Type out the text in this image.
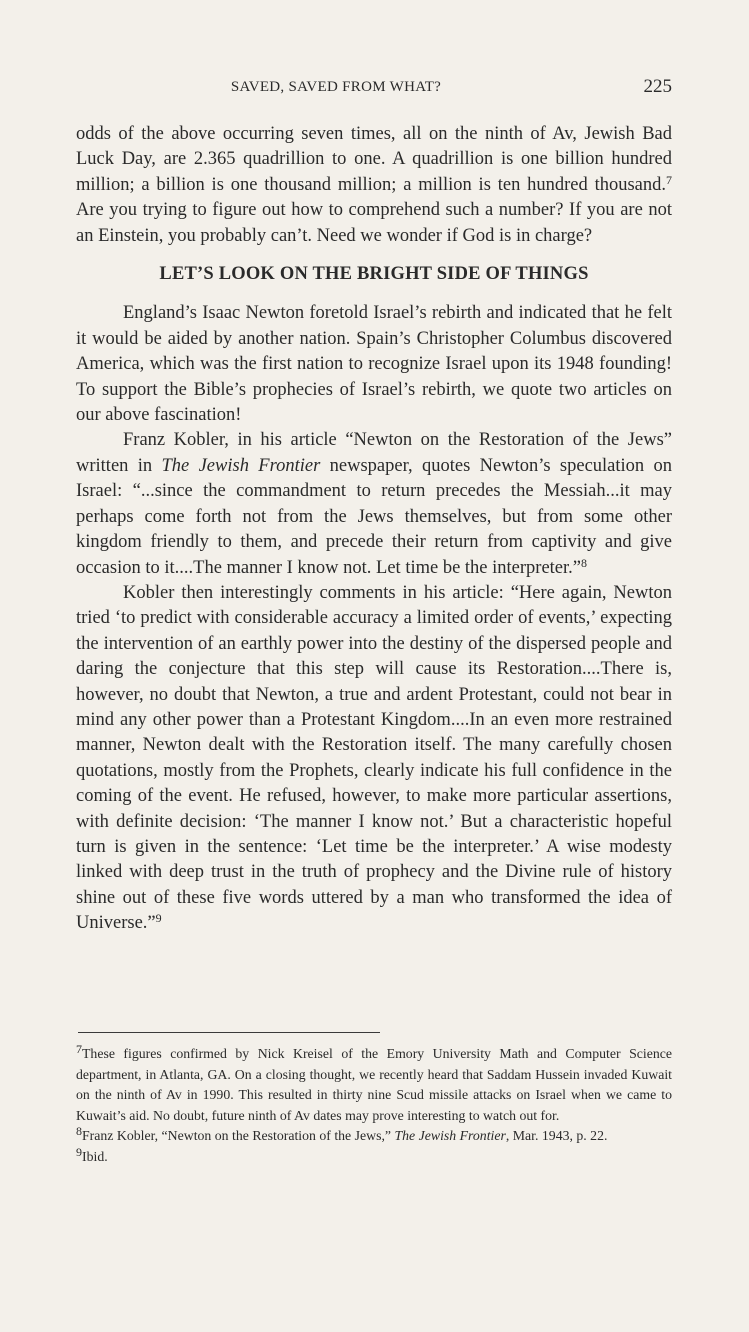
SAVED, SAVED FROM WHAT?	225

odds of the above occurring seven times, all on the ninth of Av, Jewish Bad Luck Day, are 2.365 quadrillion to one. A quadrillion is one billion hundred million; a billion is one thousand million; a million is ten hundred thousand.$^7$ Are you trying to figure out how to comprehend such a number? If you are not an Einstein, you probably can’t. Need we wonder if God is in charge?

LET’S LOOK ON THE BRIGHT SIDE OF THINGS

England’s Isaac Newton foretold Israel’s rebirth and indicated that he felt it would be aided by another nation. Spain’s Christopher Columbus discovered America, which was the first nation to recognize Israel upon its 1948 founding! To support the Bible’s prophecies of Israel’s rebirth, we quote two articles on our above fascination!

Franz Kobler, in his article “Newton on the Restoration of the Jews” written in The Jewish Frontier newspaper, quotes Newton’s speculation on Israel: “...since the commandment to return precedes the Messiah...it may perhaps come forth not from the Jews themselves, but from some other kingdom friendly to them, and precede their return from captivity and give occasion to it....The manner I know not. Let time be the interpreter.”$^8$

Kobler then interestingly comments in his article: “Here again, Newton tried ‘to predict with considerable accuracy a limited order of events,’ expecting the intervention of an earthly power into the destiny of the dispersed people and daring the conjecture that this step will cause its Restoration....There is, however, no doubt that Newton, a true and ardent Protestant, could not bear in mind any other power than a Protestant Kingdom....In an even more restrained manner, Newton dealt with the Restoration itself. The many carefully chosen quotations, mostly from the Prophets, clearly indicate his full confidence in the coming of the event. He refused, however, to make more particular assertions, with definite decision: ‘The manner I know not.’ But a characteristic hopeful turn is given in the sentence: ‘Let time be the interpreter.’ A wise modesty linked with deep trust in the truth of prophecy and the Divine rule of history shine out of these five words uttered by a man who transformed the idea of Universe.”$^9$

7These figures confirmed by Nick Kreisel of the Emory University Math and Computer Science department, in Atlanta, GA. On a closing thought, we recently heard that Saddam Hussein invaded Kuwait on the ninth of Av in 1990. This resulted in thirty nine Scud missile attacks on Israel when we came to Kuwait’s aid. No doubt, future ninth of Av dates may prove interesting to watch out for.

8Franz Kobler, “Newton on the Restoration of the Jews,” The Jewish Frontier, Mar. 1943, p. 22.

9Ibid.
